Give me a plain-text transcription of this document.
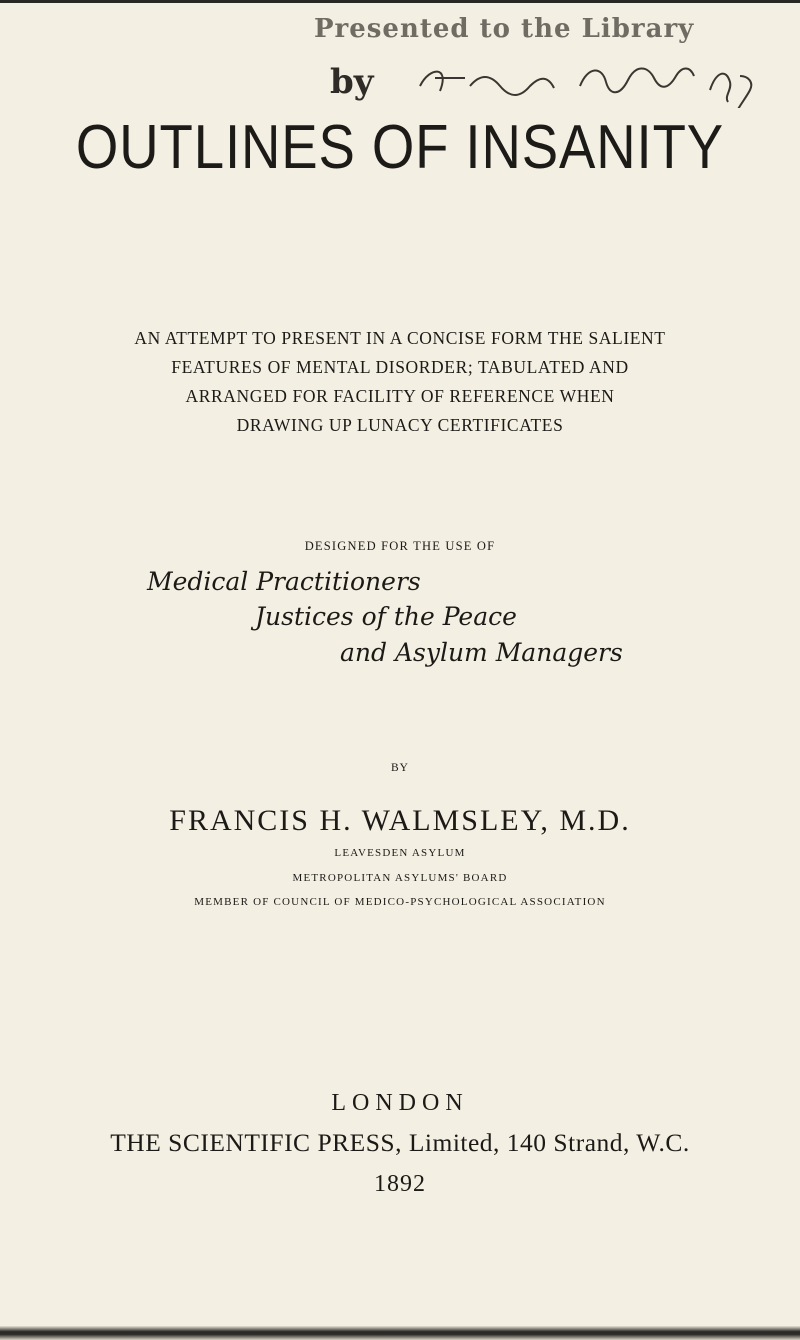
Presented to the Library
by
OUTLINES OF INSANITY
AN ATTEMPT TO PRESENT IN A CONCISE FORM THE SALIENT
FEATURES OF MENTAL DISORDER; TABULATED AND
ARRANGED FOR FACILITY OF REFERENCE WHEN
DRAWING UP LUNACY CERTIFICATES
DESIGNED FOR THE USE OF
Medical Practitioners
Justices of the Peace
and Asylum Managers
BY
FRANCIS H. WALMSLEY, M.D.
LEAVESDEN ASYLUM
METROPOLITAN ASYLUMS' BOARD
MEMBER OF COUNCIL OF MEDICO-PSYCHOLOGICAL ASSOCIATION
LONDON
THE SCIENTIFIC PRESS, Limited, 140 Strand, W.C.
1892
